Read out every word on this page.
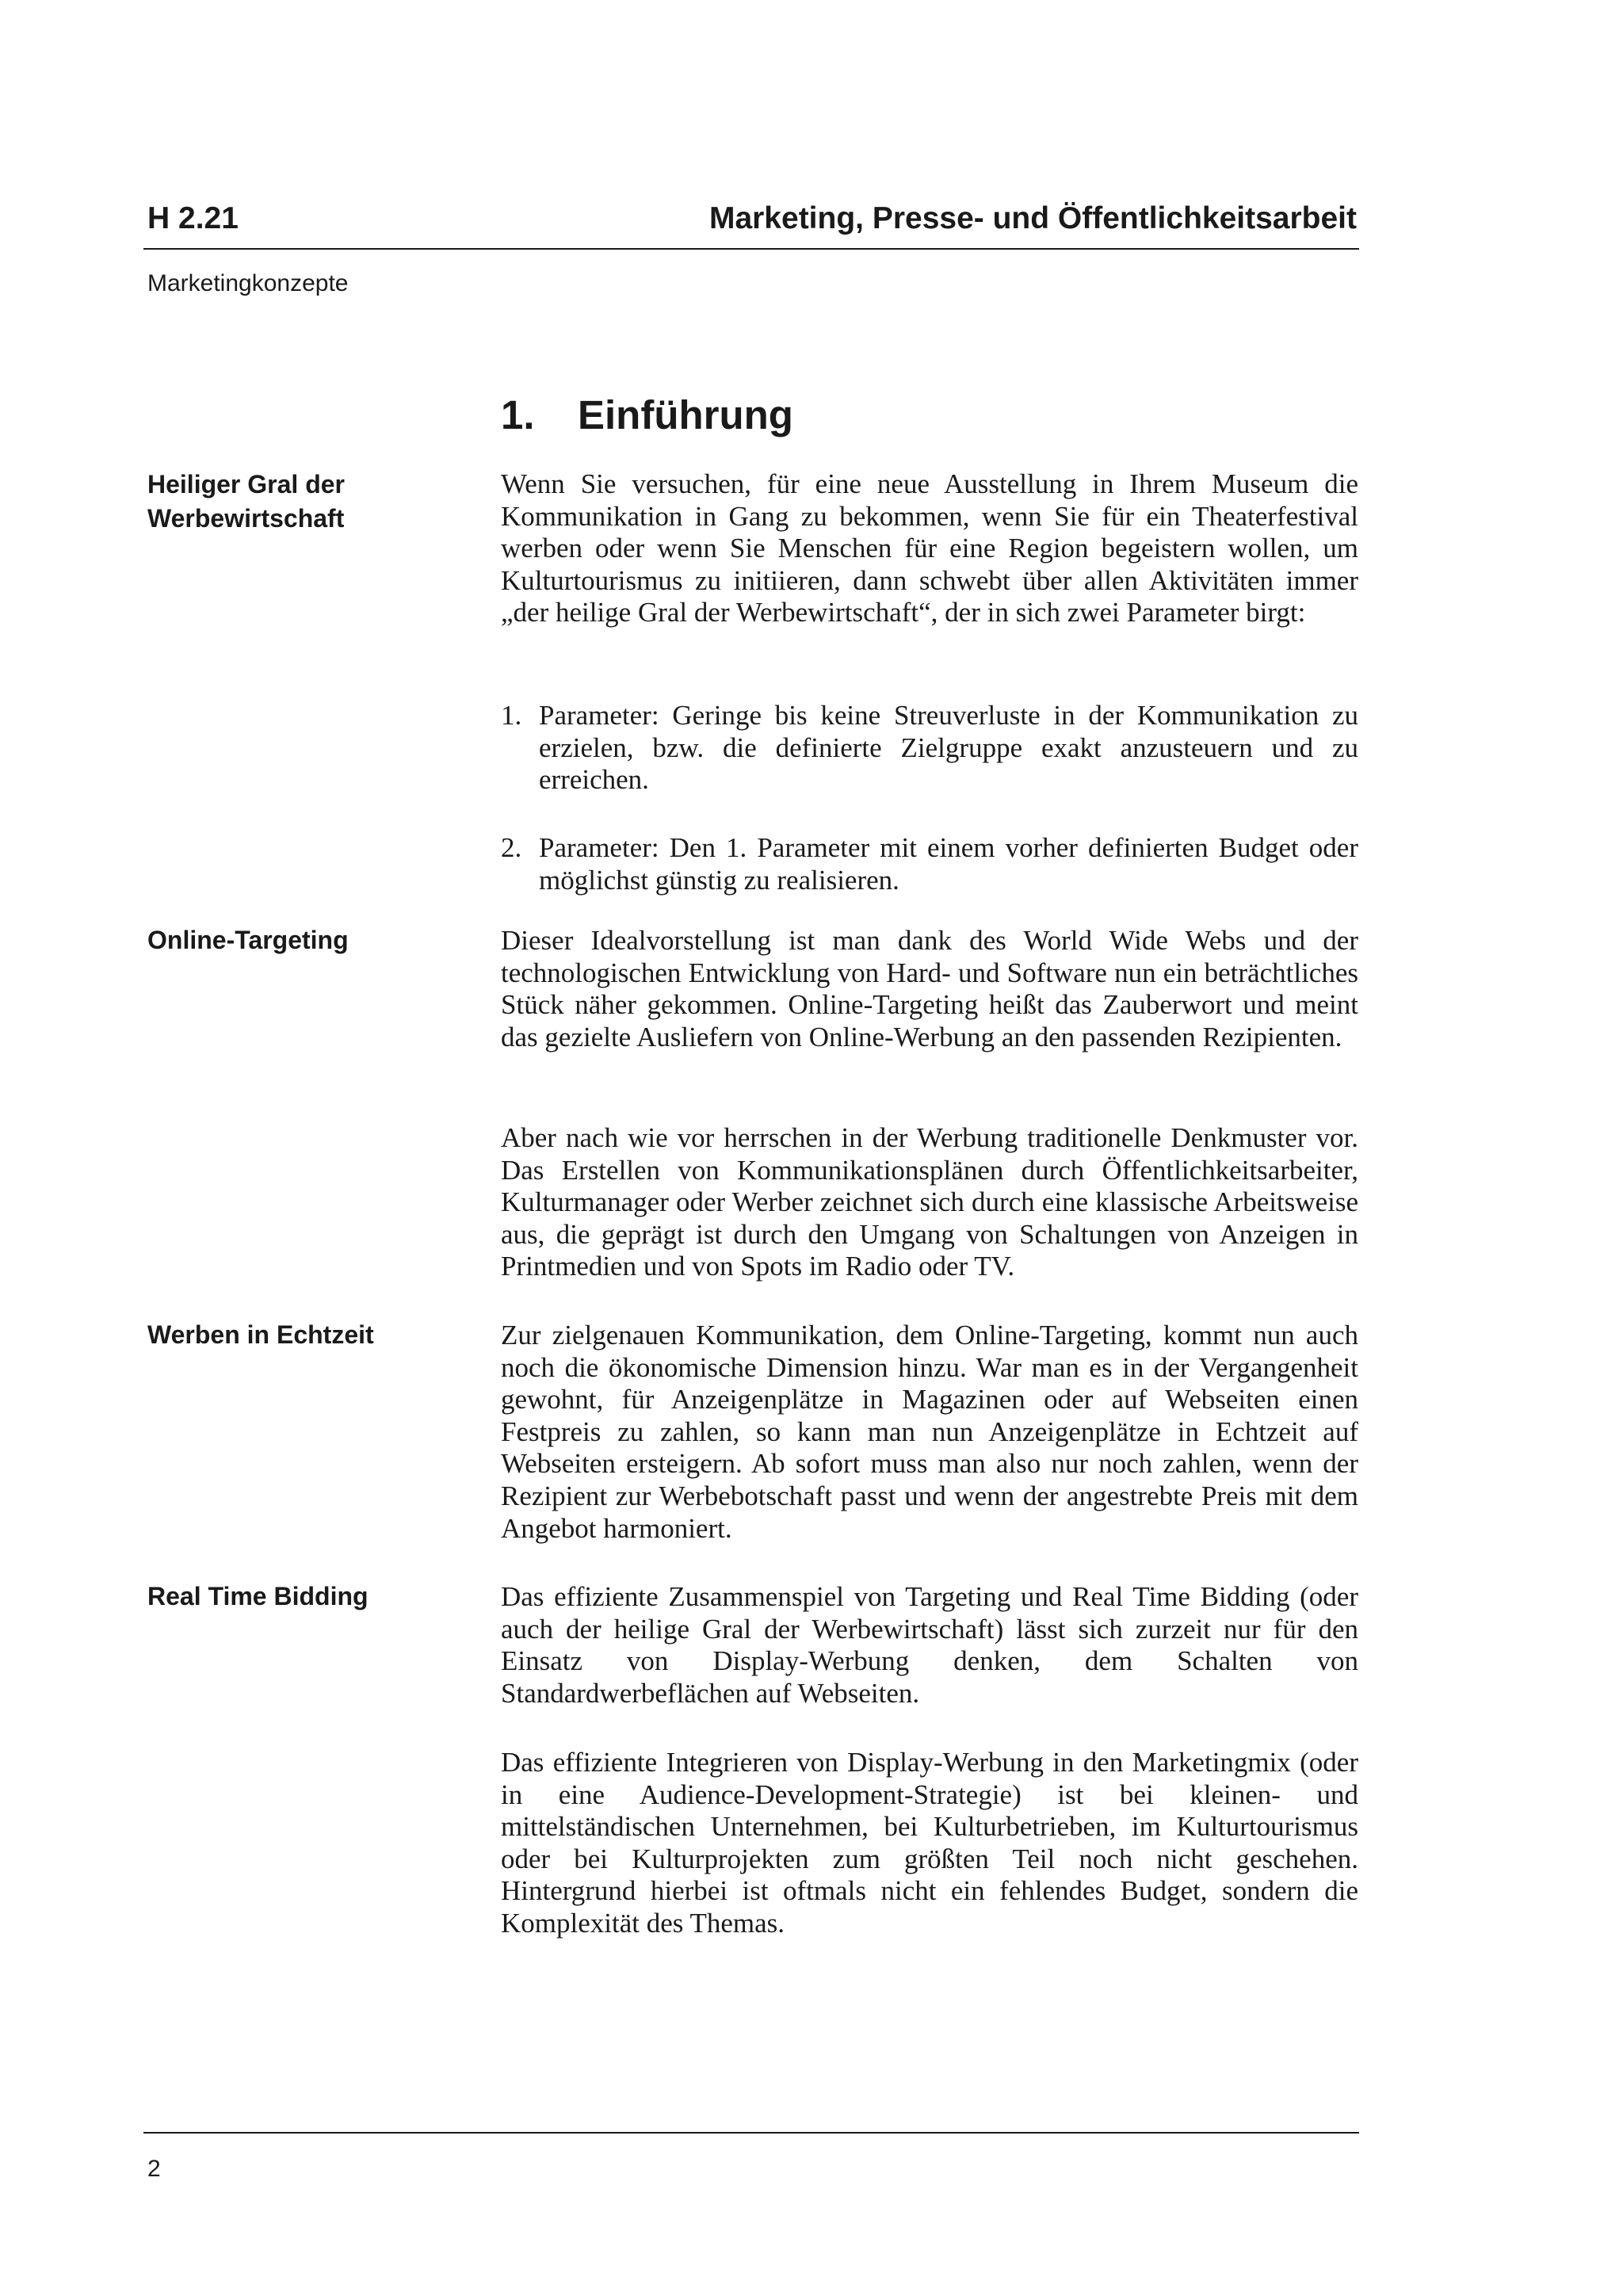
H 2.21	Marketing, Presse- und Öffentlichkeitsarbeit
Marketingkonzepte
1. Einführung
Heiliger Gral der Werbewirtschaft
Online-Targeting
Werben in Echtzeit
Real Time Bidding

Wenn Sie versuchen, für eine neue Ausstellung in Ihrem Museum die Kommunikation in Gang zu bekommen, wenn Sie für ein Theaterfestival werben oder wenn Sie Menschen für eine Region begeistern wollen, um Kulturtourismus zu initiieren, dann schwebt über allen Aktivitäten immer „der heilige Gral der Werbewirtschaft“, der in sich zwei Parameter birgt:

1. Parameter: Geringe bis keine Streuverluste in der Kommunikation zu erzielen, bzw. die definierte Zielgruppe exakt anzusteuern und zu erreichen.
2. Parameter: Den 1. Parameter mit einem vorher definierten Budget oder möglichst günstig zu realisieren.

Dieser Idealvorstellung ist man dank des World Wide Webs und der technologischen Entwicklung von Hard- und Software nun ein beträchtliches Stück näher gekommen. Online-Targeting heißt das Zauberwort und meint das gezielte Ausliefern von Online-Werbung an den passenden Rezipienten.

Aber nach wie vor herrschen in der Werbung traditionelle Denkmuster vor. Das Erstellen von Kommunikationsplänen durch Öffentlichkeitsarbeiter, Kulturmanager oder Werber zeichnet sich durch eine klassische Arbeitsweise aus, die geprägt ist durch den Umgang von Schaltungen von Anzeigen in Printmedien und von Spots im Radio oder TV.

Zur zielgenauen Kommunikation, dem Online-Targeting, kommt nun auch noch die ökonomische Dimension hinzu. War man es in der Vergangenheit gewohnt, für Anzeigenplätze in Magazinen oder auf Webseiten einen Festpreis zu zahlen, so kann man nun Anzeigenplätze in Echtzeit auf Webseiten ersteigern. Ab sofort muss man also nur noch zahlen, wenn der Rezipient zur Werbebotschaft passt und wenn der angestrebte Preis mit dem Angebot harmoniert.

Das effiziente Zusammenspiel von Targeting und Real Time Bidding (oder auch der heilige Gral der Werbewirtschaft) lässt sich zurzeit nur für den Einsatz von Display-Werbung denken, dem Schalten von Standardwerbeflächen auf Webseiten.

Das effiziente Integrieren von Display-Werbung in den Marketingmix (oder in eine Audience-Development-Strategie) ist bei kleinen- und mittelständischen Unternehmen, bei Kulturbetrieben, im Kulturtourismus oder bei Kulturprojekten zum größten Teil noch nicht geschehen. Hintergrund hierbei ist oftmals nicht ein fehlendes Budget, sondern die Komplexität des Themas.

2
